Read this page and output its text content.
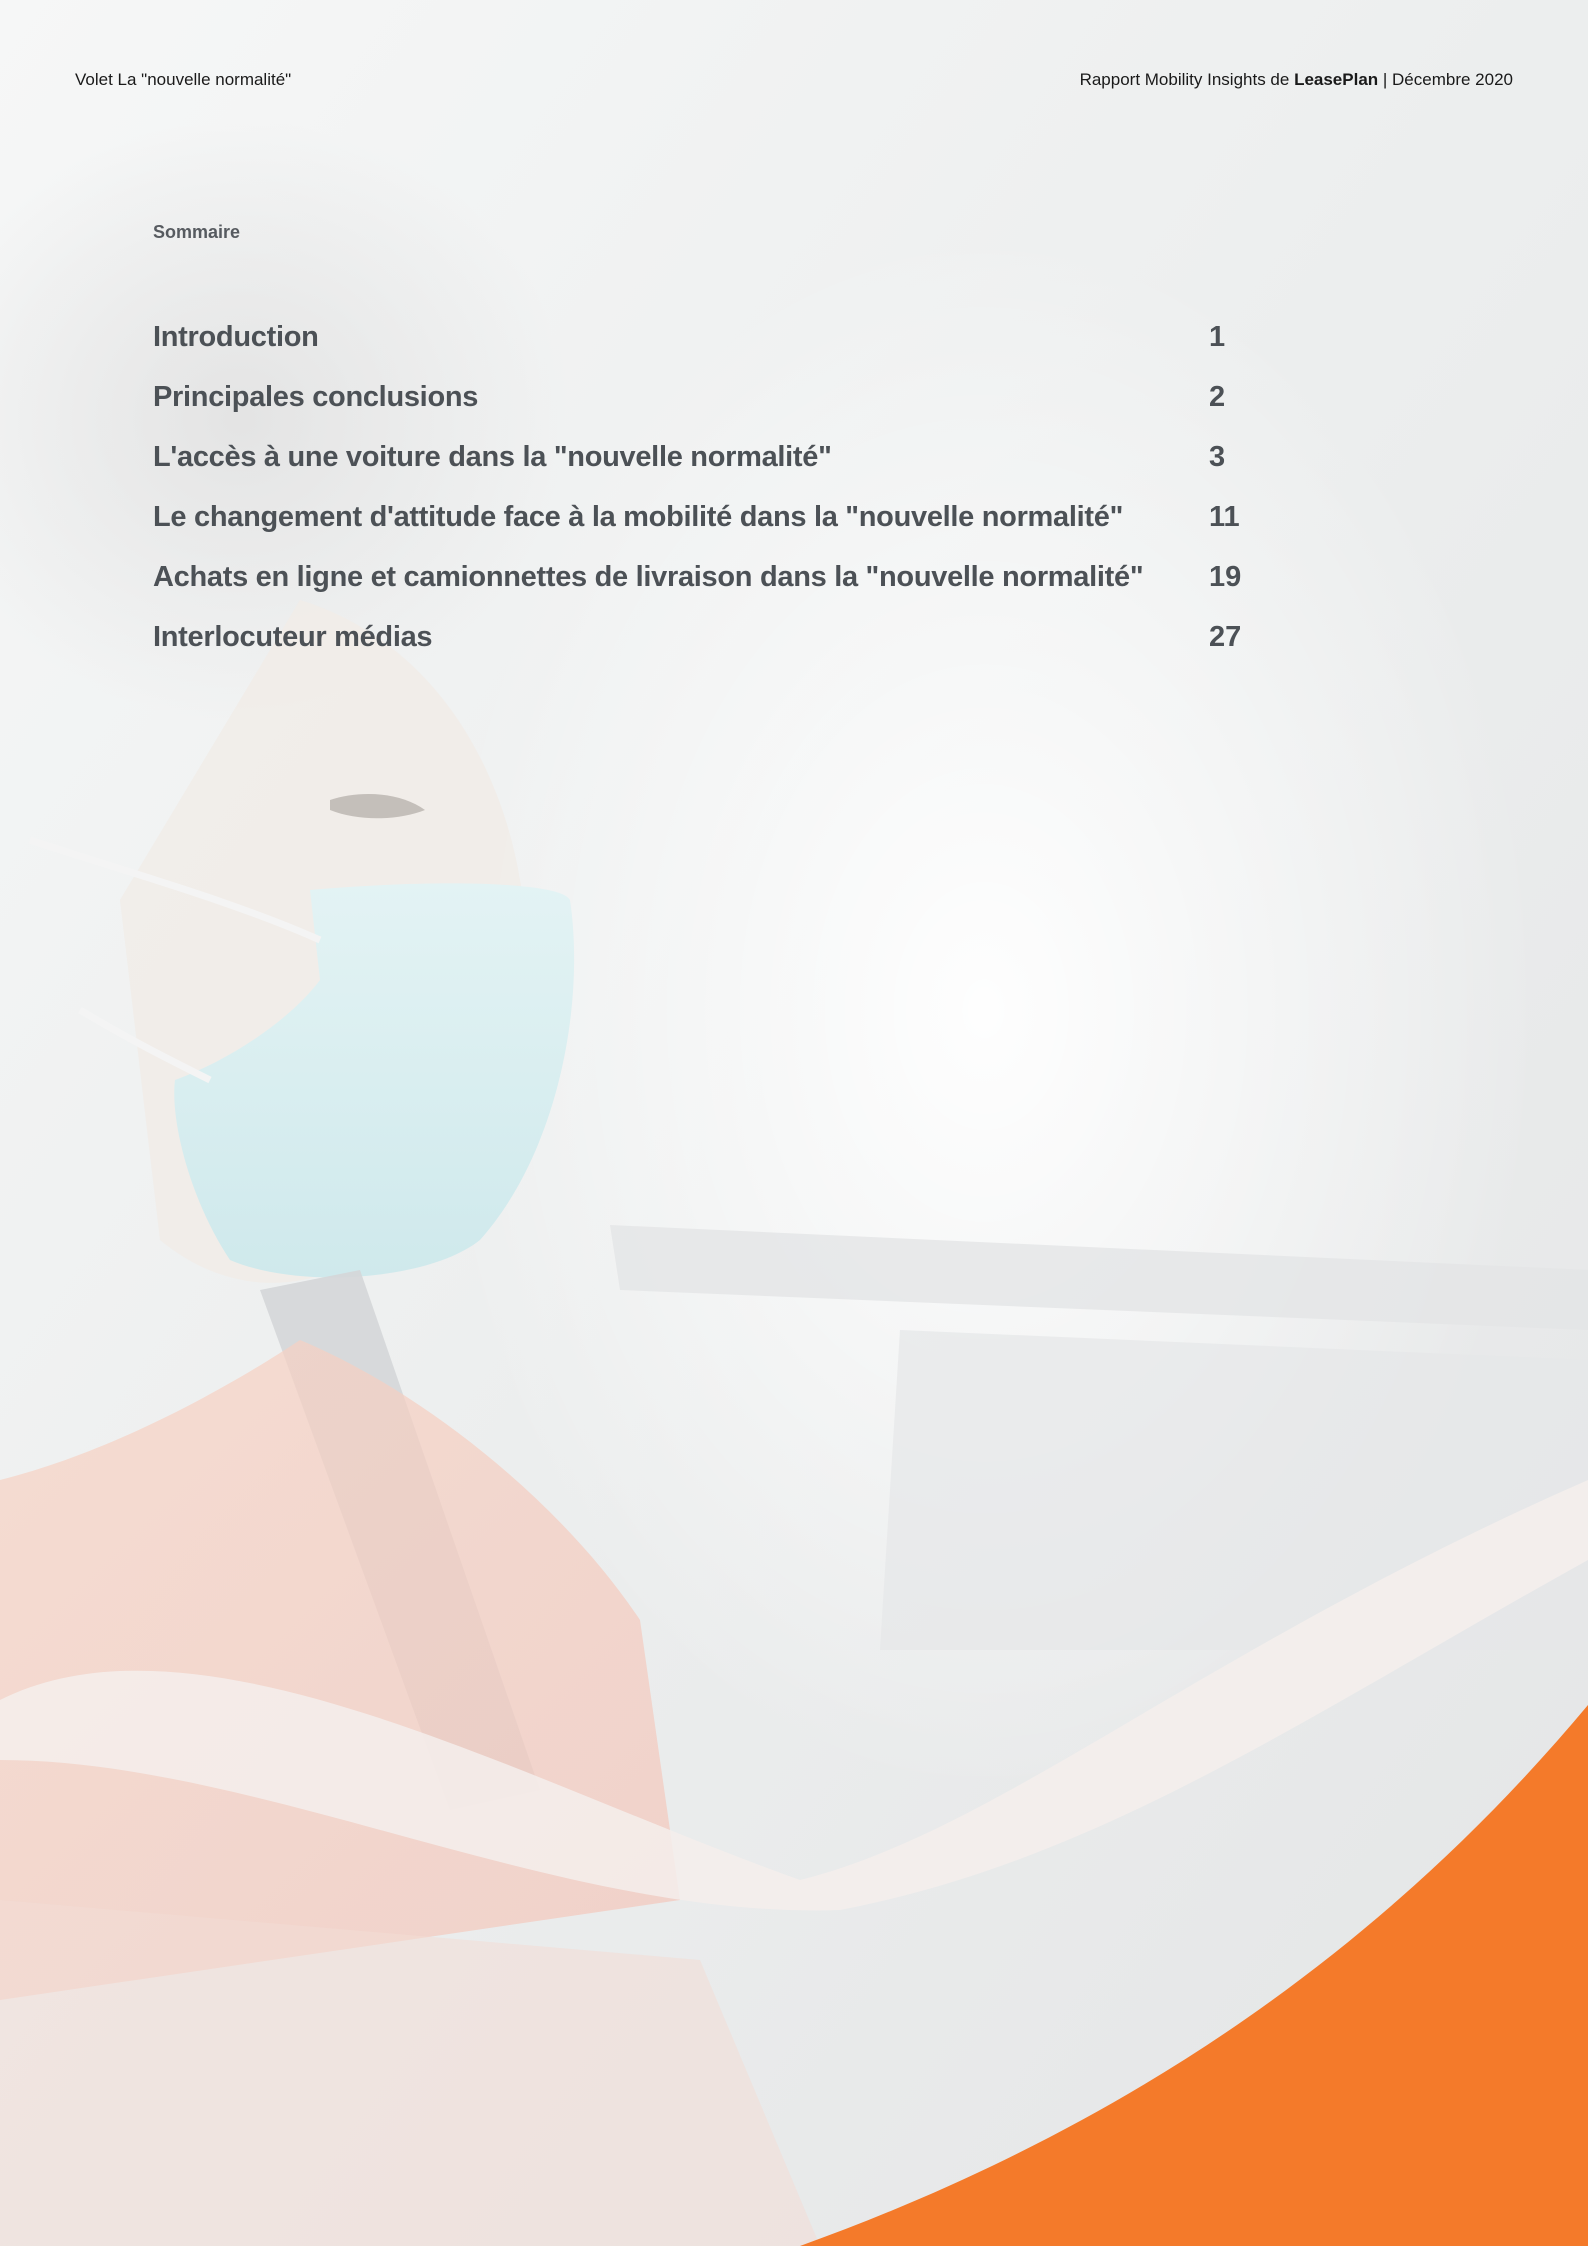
Volet La "nouvelle normalité"	Rapport Mobility Insights de LeasePlan | Décembre 2020
Sommaire
Introduction	1
Principales conclusions	2
L'accès à une voiture dans la "nouvelle normalité"	3
Le changement d'attitude face à la mobilité dans la "nouvelle normalité"	11
Achats en ligne et camionnettes de livraison dans la "nouvelle normalité" 19
Interlocuteur médias	27
